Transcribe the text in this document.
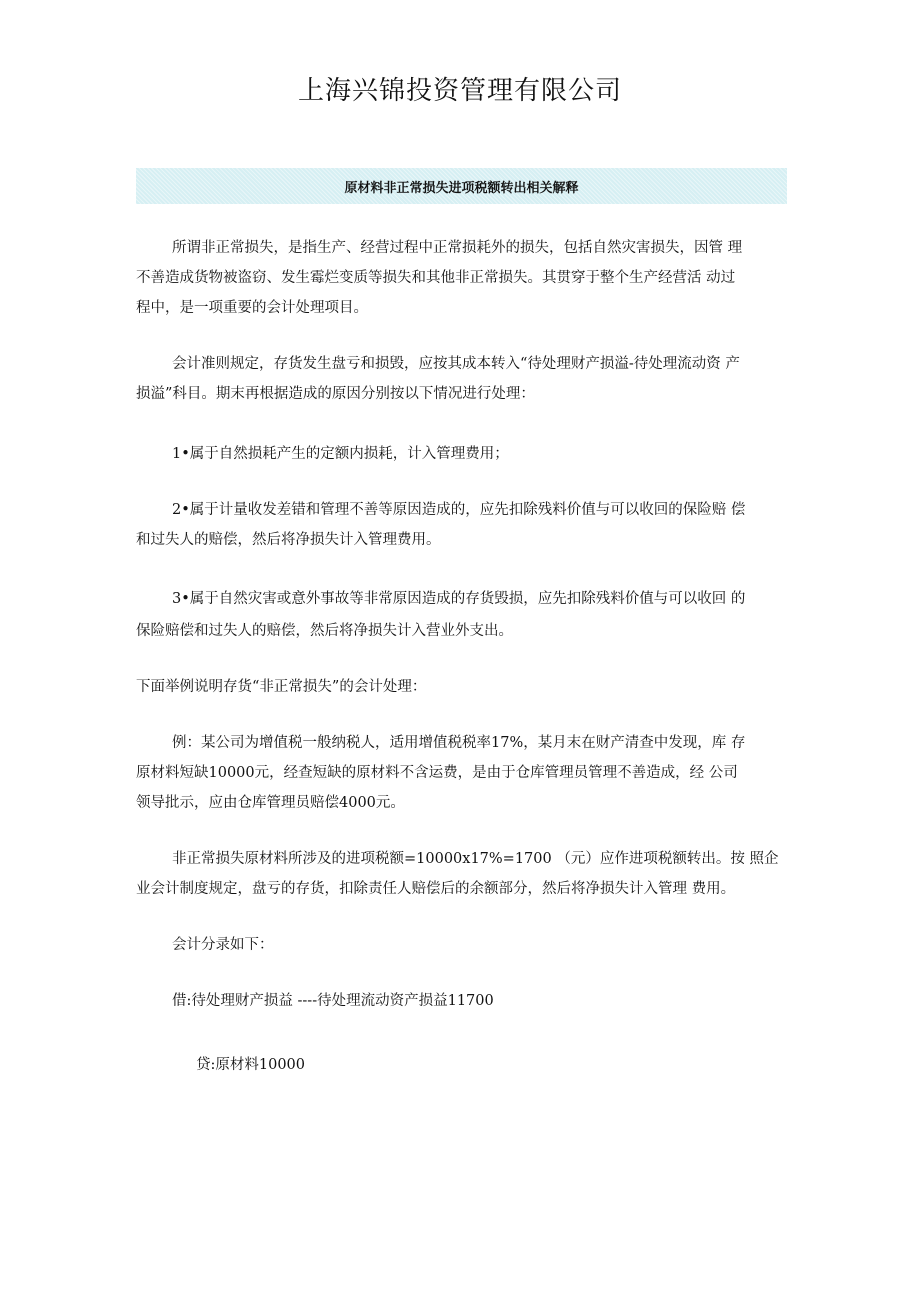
上海兴锦投资管理有限公司
原材料非正常损失进项税额转出相关解释
所谓非正常损失，是指生产、经营过程中正常损耗外的损失，包括自然灾害损失，因管 理
不善造成货物被盗窃、发生霉烂变质等损失和其他非正常损失。其贯穿于整个生产经营活 动过
程中，是一项重要的会计处理项目。
会计准则规定，存货发生盘亏和损毁，应按其成本转入“待处理财产损溢-待处理流动资 产
损溢”科目。期末再根据造成的原因分别按以下情况进行处理：
1•属于自然损耗产生的定额内损耗，计入管理费用；
2•属于计量收发差错和管理不善等原因造成的，应先扣除残料价值与可以收回的保险赔 偿
和过失人的赔偿，然后将净损失计入管理费用。
3•属于自然灾害或意外事故等非常原因造成的存货毁损，应先扣除残料价值与可以收回 的
保险赔偿和过失人的赔偿，然后将净损失计入营业外支出。
下面举例说明存货“非正常损失”的会计处理：
例：某公司为增值税一般纳税人，适用增值税税率17%，某月末在财产清查中发现，库 存
原材料短缺10000元，经查短缺的原材料不含运费，是由于仓库管理员管理不善造成，经 公司
领导批示，应由仓库管理员赔偿4000元。
非正常损失原材料所涉及的进项税额=10000x17%=1700 （元）应作进项税额转出。按 照企
业会计制度规定，盘亏的存货，扣除责任人赔偿后的余额部分，然后将净损失计入管理 费用。
会计分录如下：
借:待处理财产损益 ----待处理流动资产损益11700
贷:原材料10000
